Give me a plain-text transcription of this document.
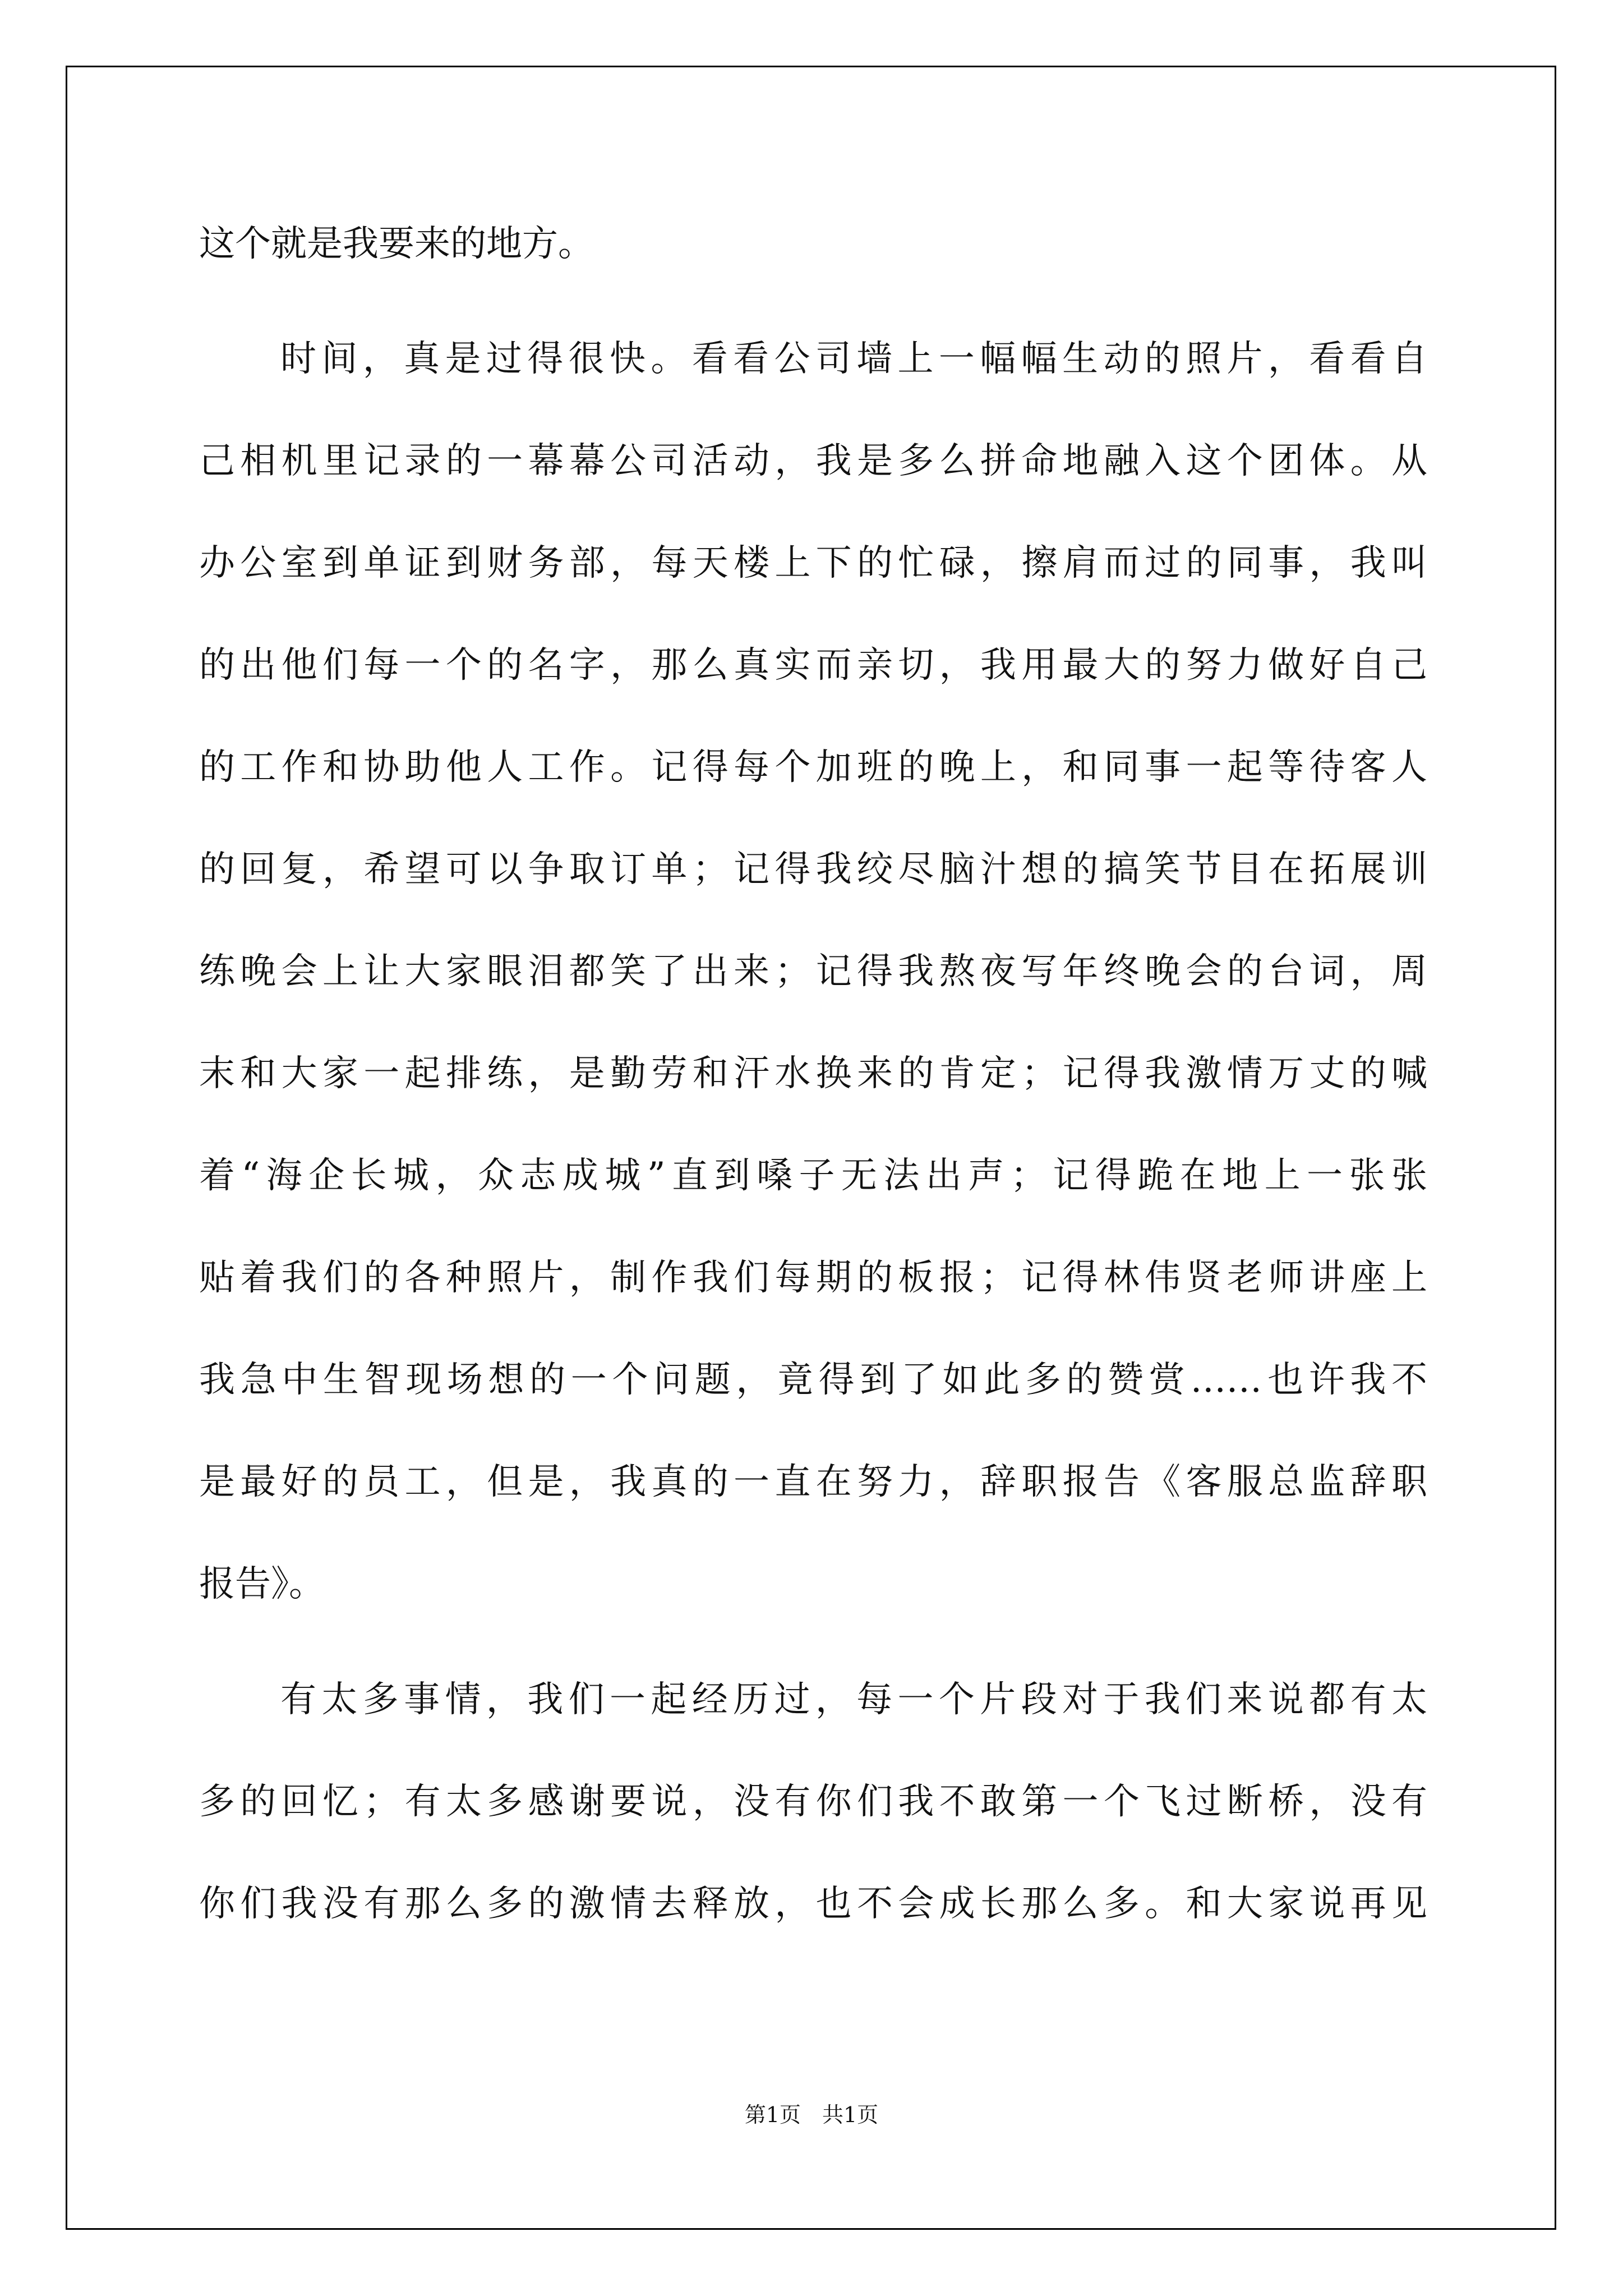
这个就是我要来的地方。
时间，真是过得很快。看看公司墙上一幅幅生动的照片，看看自
己相机里记录的一幕幕公司活动，我是多么拼命地融入这个团体。从
办公室到单证到财务部，每天楼上下的忙碌，擦肩而过的同事，我叫
的出他们每一个的名字，那么真实而亲切，我用最大的努力做好自己
的工作和协助他人工作。记得每个加班的晚上，和同事一起等待客人
的回复，希望可以争取订单；记得我绞尽脑汁想的搞笑节目在拓展训
练晚会上让大家眼泪都笑了出来；记得我熬夜写年终晚会的台词，周
末和大家一起排练，是勤劳和汗水换来的肯定；记得我激情万丈的喊
着“海企长城，众志成城”直到嗓子无法出声；记得跪在地上一张张
贴着我们的各种照片，制作我们每期的板报；记得林伟贤老师讲座上
我急中生智现场想的一个问题，竟得到了如此多的赞赏……也许我不
是最好的员工，但是，我真的一直在努力，辞职报告《客服总监辞职
报告》。
有太多事情，我们一起经历过，每一个片段对于我们来说都有太
多的回忆；有太多感谢要说，没有你们我不敢第一个飞过断桥，没有
你们我没有那么多的激情去释放，也不会成长那么多。和大家说再见
第1页　共1页
